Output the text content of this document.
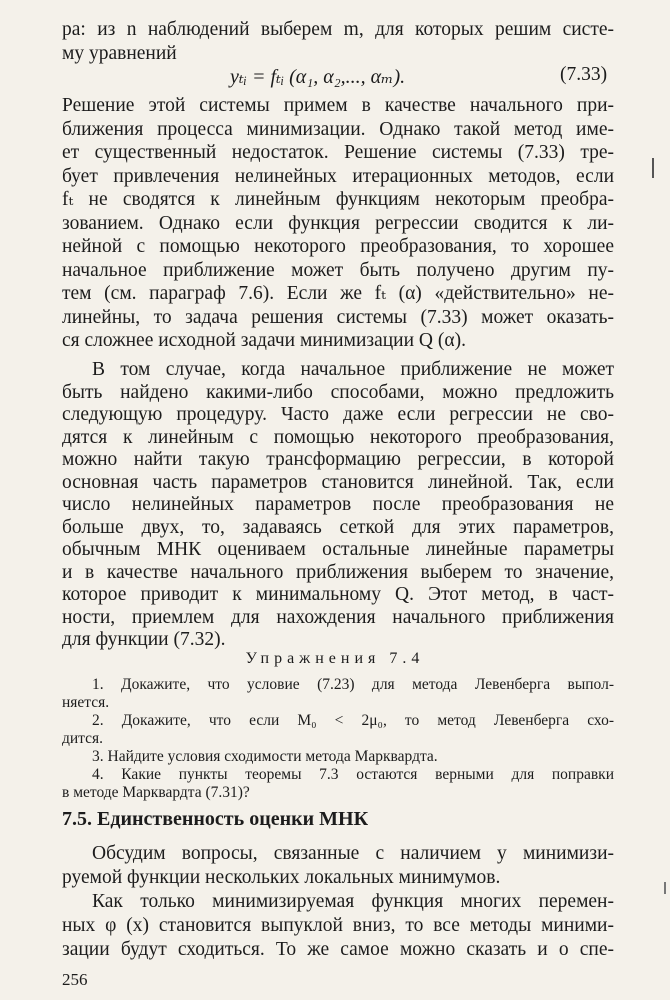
ра: из n наблюдений выберем m, для которых решим систе-
му уравнений
yₜᵢ = fₜᵢ (α₁, α₂,..., αₘ).	(7.33)
Решение этой системы примем в качестве начального при-
ближения процесса минимизации. Однако такой метод име-
ет существенный недостаток. Решение системы (7.33) тре-
бует привлечения нелинейных итерационных методов, если
fₜ не сводятся к линейным функциям некоторым преобра-
зованием. Однако если функция регрессии сводится к ли-
нейной с помощью некоторого преобразования, то хорошее
начальное приближение может быть получено другим пу-
тем (см. параграф 7.6). Если же fₜ (α) «действительно» не-
линейны, то задача решения системы (7.33) может оказать-
ся сложнее исходной задачи минимизации Q (α).
В том случае, когда начальное приближение не может
быть найдено какими-либо способами, можно предложить
следующую процедуру. Часто даже если регрессии не сво-
дятся к линейным с помощью некоторого преобразования,
можно найти такую трансформацию регрессии, в которой
основная часть параметров становится линейной. Так, если
число нелинейных параметров после преобразования не
больше двух, то, задаваясь сеткой для этих параметров,
обычным МНК оцениваем остальные линейные параметры
и в качестве начального приближения выберем то значение,
которое приводит к минимальному Q. Этот метод, в част-
ности, приемлем для нахождения начального приближения
для функции (7.32).
Упражнения 7.4
1. Докажите, что условие (7.23) для метода Левенберга выпол-
няется.
2. Докажите, что если M₀ < 2μ₀, то метод Левенберга схо-
дится.
3. Найдите условия сходимости метода Марквардта.
4. Какие пункты теоремы 7.3 остаются верными для поправки
в методе Марквардта (7.31)?
7.5. Единственность оценки МНК
Обсудим вопросы, связанные с наличием у минимизи-
руемой функции нескольких локальных минимумов.
Как только минимизируемая функция многих перемен-
256
ных φ (x) становится выпуклой вниз, то все методы миними-
зации будут сходиться. То же самое можно сказать и о спе-
